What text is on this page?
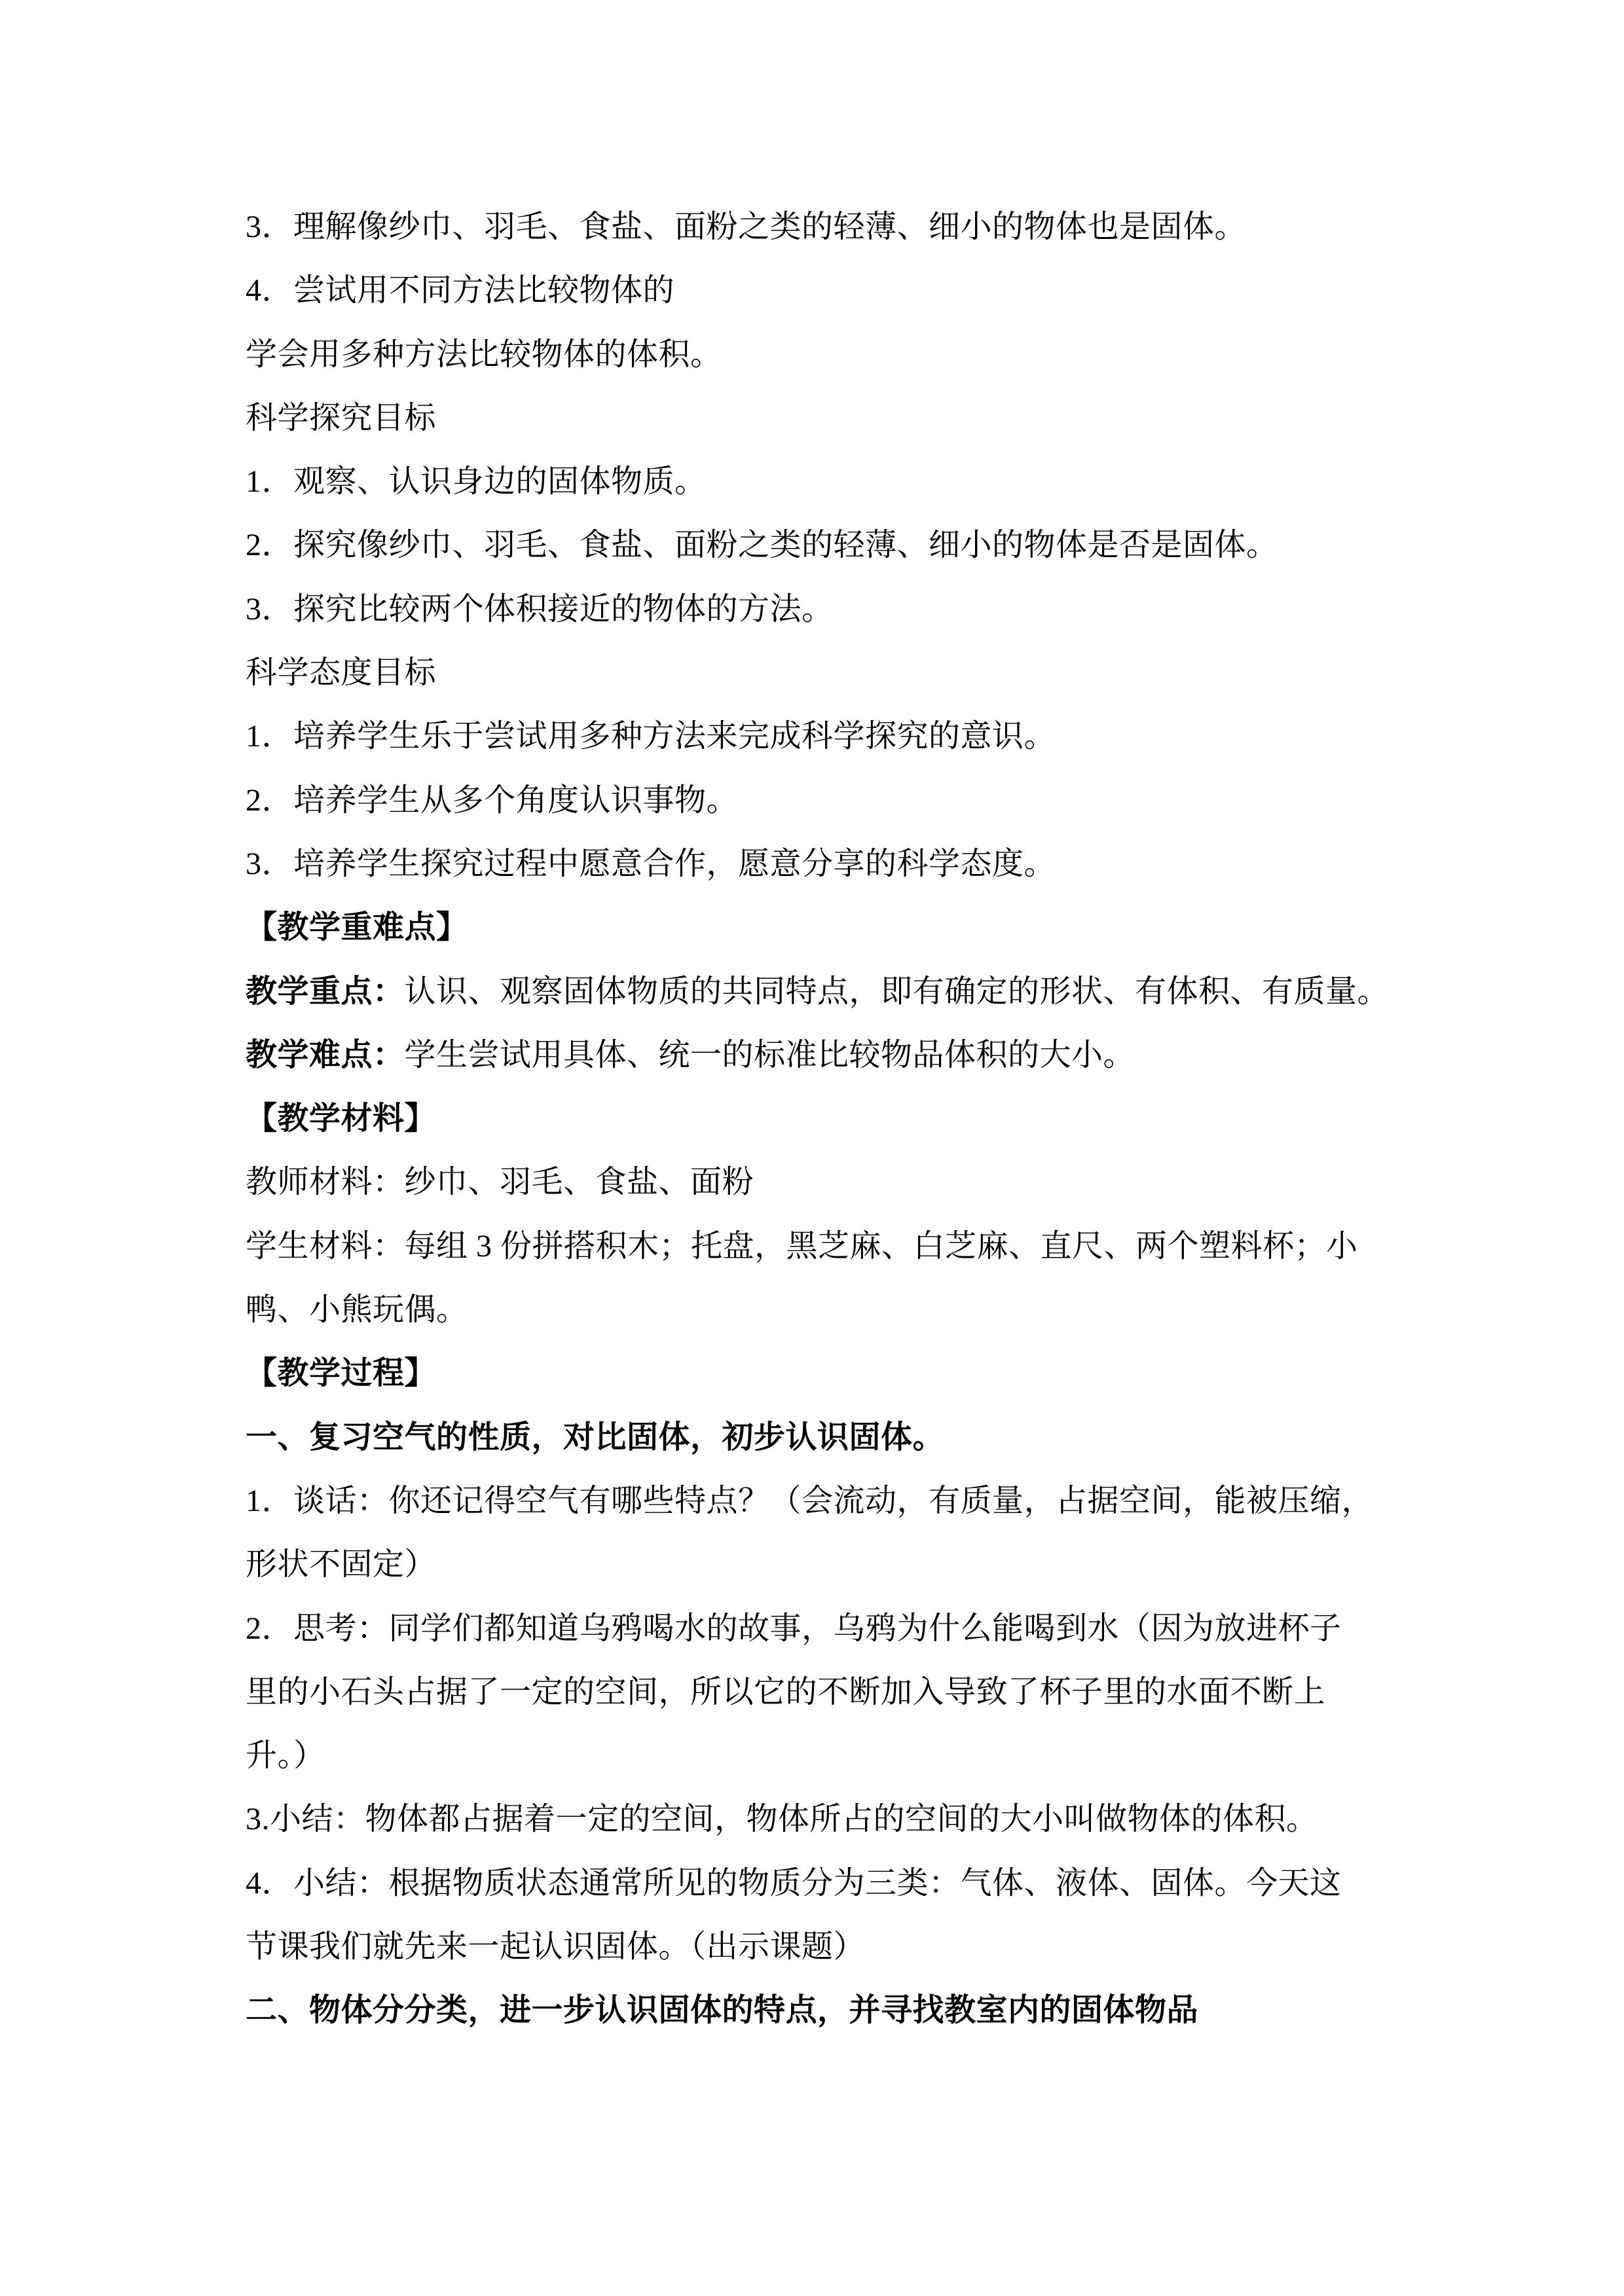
3．理解像纱巾、羽毛、食盐、面粉之类的轻薄、细小的物体也是固体。
4．尝试用不同方法比较物体的
学会用多种方法比较物体的体积。
科学探究目标
1．观察、认识身边的固体物质。
2．探究像纱巾、羽毛、食盐、面粉之类的轻薄、细小的物体是否是固体。
3．探究比较两个体积接近的物体的方法。
科学态度目标
1．培养学生乐于尝试用多种方法来完成科学探究的意识。
2．培养学生从多个角度认识事物。
3．培养学生探究过程中愿意合作，愿意分享的科学态度。
【教学重难点】
教学重点：认识、观察固体物质的共同特点，即有确定的形状、有体积、有质量。
教学难点：学生尝试用具体、统一的标准比较物品体积的大小。
【教学材料】
教师材料：纱巾、羽毛、食盐、面粉
学生材料：每组 3 份拼搭积木；托盘，黑芝麻、白芝麻、直尺、两个塑料杯；小
鸭、小熊玩偶。
【教学过程】
一、复习空气的性质，对比固体，初步认识固体。
1．谈话：你还记得空气有哪些特点？（会流动，有质量，占据空间，能被压缩，
形状不固定）
2．思考：同学们都知道乌鸦喝水的故事，乌鸦为什么能喝到水（因为放进杯子
里的小石头占据了一定的空间，所以它的不断加入导致了杯子里的水面不断上
升。）
3.小结：物体都占据着一定的空间，物体所占的空间的大小叫做物体的体积。
4．小结：根据物质状态通常所见的物质分为三类：气体、液体、固体。今天这
节课我们就先来一起认识固体。（出示课题）
二、物体分分类，进一步认识固体的特点，并寻找教室内的固体物品
